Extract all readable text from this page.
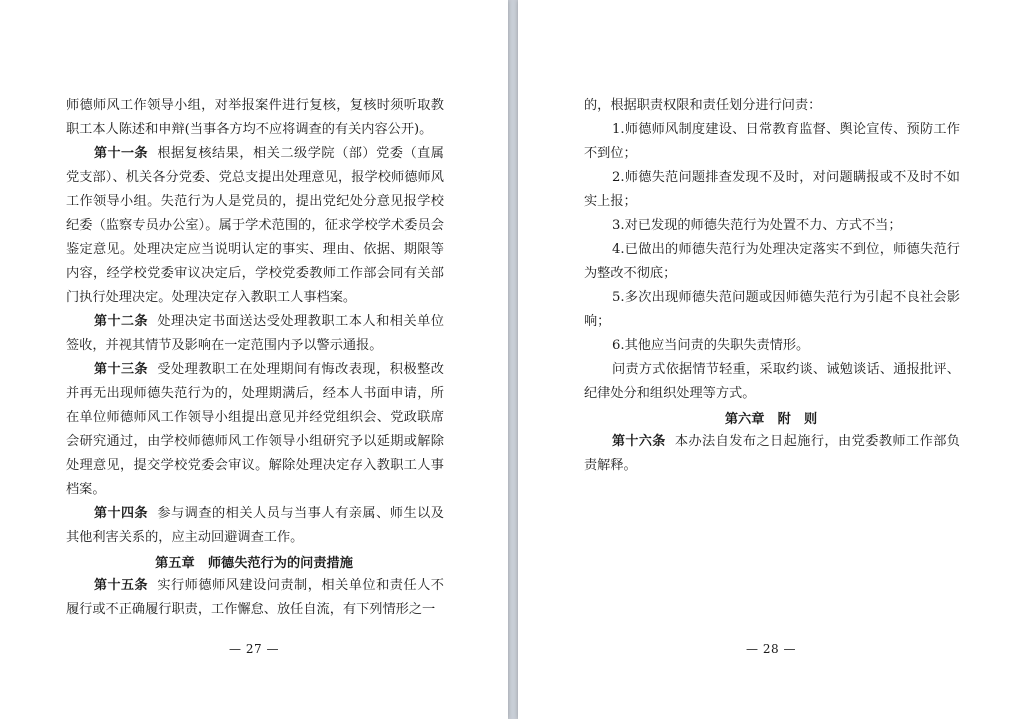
师德师风工作领导小组，对举报案件进行复核，复核时须听取教职工本人陈述和申辩(当事各方均不应将调查的有关内容公开)。
第十一条 根据复核结果，相关二级学院（部）党委（直属党支部）、机关各分党委、党总支提出处理意见，报学校师德师风工作领导小组。失范行为人是党员的，提出党纪处分意见报学校纪委（监察专员办公室）。属于学术范围的，征求学校学术委员会鉴定意见。处理决定应当说明认定的事实、理由、依据、期限等内容，经学校党委审议决定后，学校党委教师工作部会同有关部门执行处理决定。处理决定存入教职工人事档案。
第十二条 处理决定书面送达受处理教职工本人和相关单位签收，并视其情节及影响在一定范围内予以警示通报。
第十三条 受处理教职工在处理期间有悔改表现，积极整改并再无出现师德失范行为的，处理期满后，经本人书面申请，所在单位师德师风工作领导小组提出意见并经党组织会、党政联席会研究通过，由学校师德师风工作领导小组研究予以延期或解除处理意见，提交学校党委会审议。解除处理决定存入教职工人事档案。
第十四条 参与调查的相关人员与当事人有亲属、师生以及其他利害关系的，应主动回避调查工作。
第五章　师德失范行为的问责措施
第十五条 实行师德师风建设问责制，相关单位和责任人不履行或不正确履行职责，工作懈怠、放任自流，有下列情形之一
— 27 —
的，根据职责权限和责任划分进行问责：
1.师德师风制度建设、日常教育监督、舆论宣传、预防工作不到位；
2.师德失范问题排查发现不及时，对问题瞒报或不及时不如实上报；
3.对已发现的师德失范行为处置不力、方式不当；
4.已做出的师德失范行为处理决定落实不到位，师德失范行为整改不彻底；
5.多次出现师德失范问题或因师德失范行为引起不良社会影响；
6.其他应当问责的失职失责情形。
问责方式依据情节轻重，采取约谈、诫勉谈话、通报批评、纪律处分和组织处理等方式。
第六章　附　则
第十六条 本办法自发布之日起施行，由党委教师工作部负责解释。
— 28 —
